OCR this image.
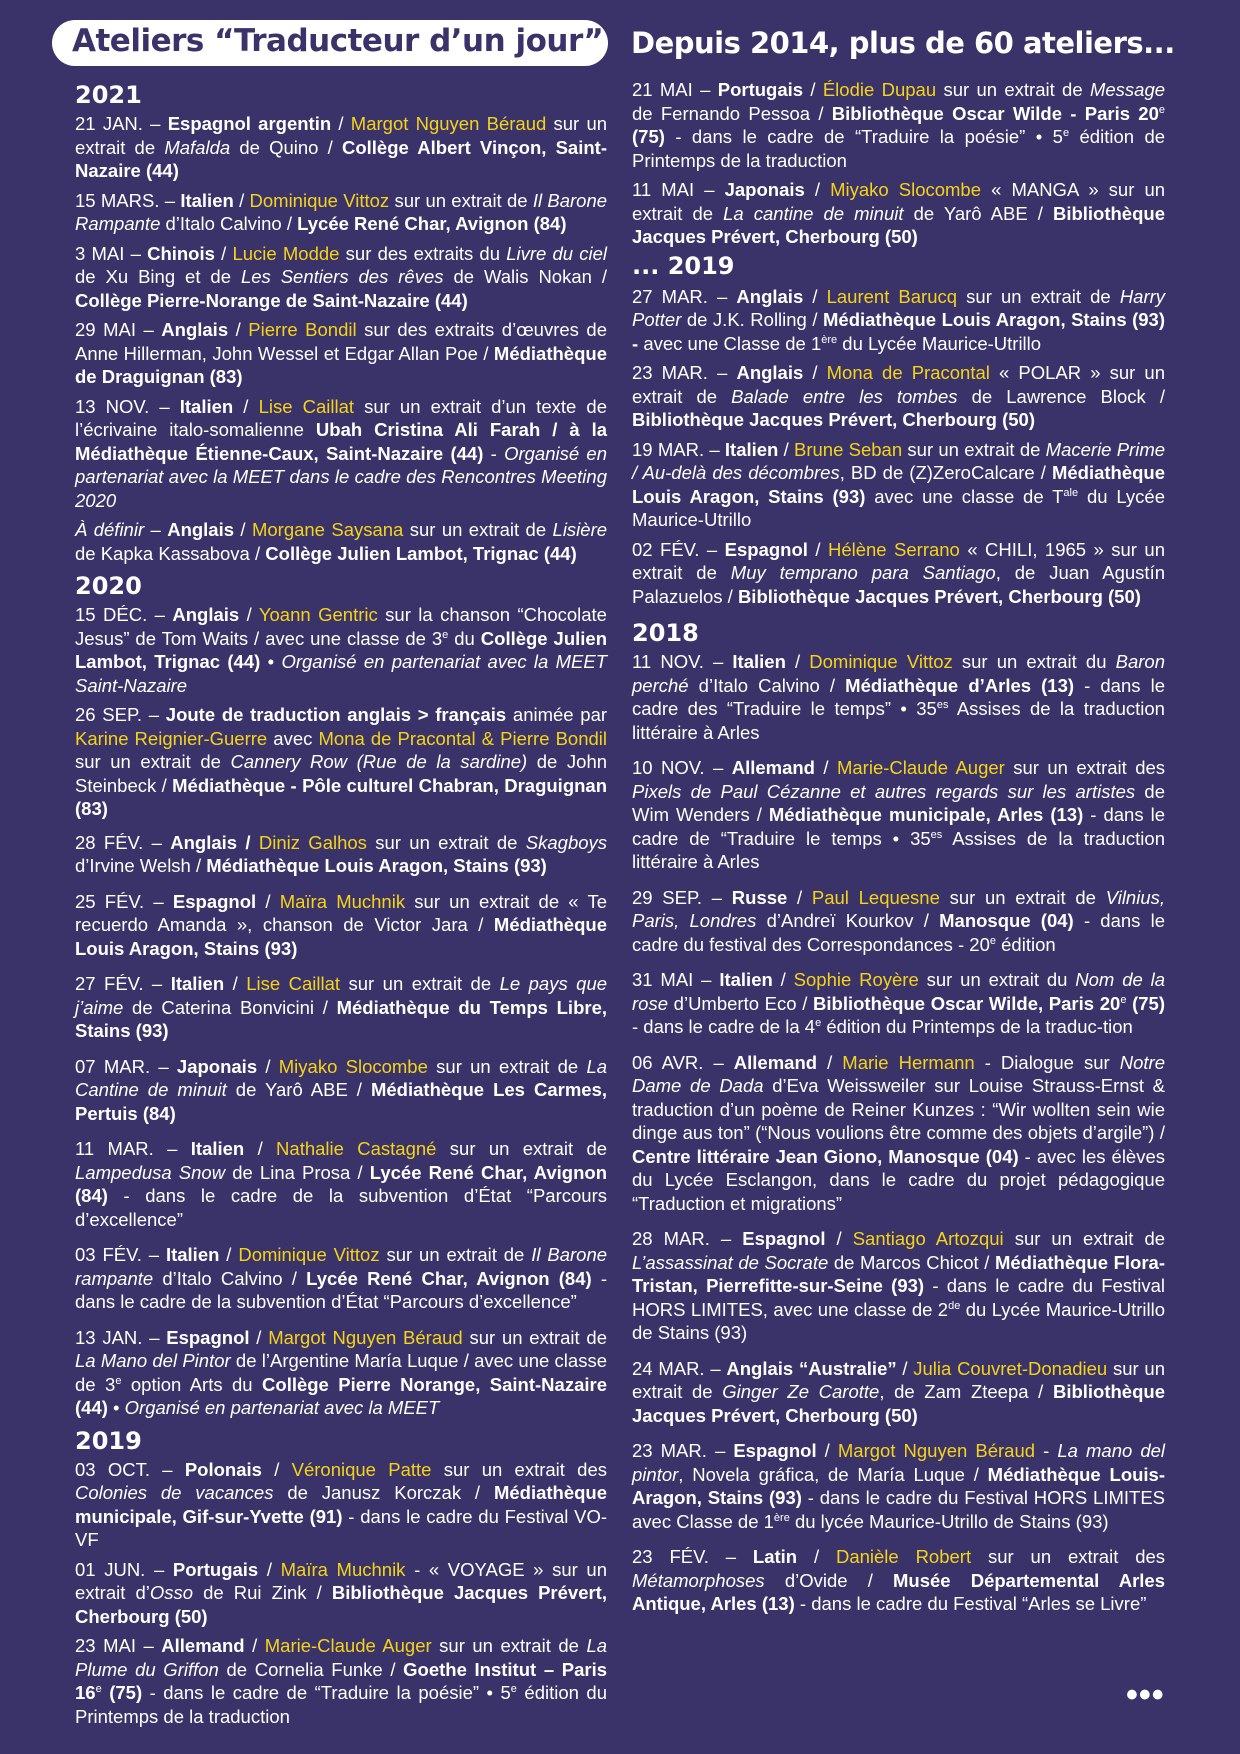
Ateliers “Traducteur d’un jour” Depuis 2014, plus de 60 ateliers...
2021
21 JAN. – Espagnol argentin / Margot Nguyen Béraud sur un extrait de Mafalda de Quino / Collège Albert Vinçon, Saint-Nazaire (44)
15 MARS. – Italien / Dominique Vittoz sur un extrait de Il Barone Rampante d’Italo Calvino / Lycée René Char, Avignon (84)
3 MAI – Chinois / Lucie Modde sur des extraits du Livre du ciel de Xu Bing et de Les Sentiers des rêves de Walis Nokan / Collège Pierre-Norange de Saint-Nazaire (44)
29 MAI – Anglais / Pierre Bondil sur des extraits d’œuvres de Anne Hillerman, John Wessel et Edgar Allan Poe / Médiathèque de Draguignan (83)
13 NOV. – Italien / Lise Caillat sur un extrait d’un texte de l’écrivaine italo-somalienne Ubah Cristina Ali Farah / à la Médiathèque Étienne-Caux, Saint-Nazaire (44) - Organisé en partenariat avec la MEET dans le cadre des Rencontres Meeting 2020
À définir – Anglais / Morgane Saysana sur un extrait de Lisière de Kapka Kassabova / Collège Julien Lambot, Trignac (44)
2020
15 DÉC. – Anglais / Yoann Gentric sur la chanson “Chocolate Jesus” de Tom Waits / avec une classe de 3e du Collège Julien Lambot, Trignac (44) • Organisé en partenariat avec la MEET Saint-Nazaire
26 SEP. – Joute de traduction anglais > français animée par Karine Reignier-Guerre avec Mona de Pracontal & Pierre Bondil sur un extrait de Cannery Row (Rue de la sardine) de John Steinbeck / Médiathèque - Pôle culturel Chabran, Draguignan (83)
28 FÉV. – Anglais / Diniz Galhos sur un extrait de Skagboys d’Irvine Welsh / Médiathèque Louis Aragon, Stains (93)
25 FÉV. – Espagnol / Maïra Muchnik sur un extrait de « Te recuerdo Amanda », chanson de Victor Jara / Médiathèque Louis Aragon, Stains (93)
27 FÉV. – Italien / Lise Caillat sur un extrait de Le pays que j’aime de Caterina Bonvicini / Médiathèque du Temps Libre, Stains (93)
07 MAR. – Japonais / Miyako Slocombe sur un extrait de La Cantine de minuit de Yarô ABE / Médiathèque Les Carmes, Pertuis (84)
11 MAR. – Italien / Nathalie Castagné sur un extrait de Lampedusa Snow de Lina Prosa / Lycée René Char, Avignon (84) - dans le cadre de la subvention d’État “Parcours d’excellence”
03 FÉV. – Italien / Dominique Vittoz sur un extrait de Il Barone rampante d’Italo Calvino / Lycée René Char, Avignon (84) - dans le cadre de la subvention d’État “Parcours d’excellence”
13 JAN. – Espagnol / Margot Nguyen Béraud sur un extrait de La Mano del Pintor de l’Argentine María Luque / avec une classe de 3e option Arts du Collège Pierre Norange, Saint-Nazaire (44) • Organisé en partenariat avec la MEET
2019
03 OCT. – Polonais / Véronique Patte sur un extrait des Colonies de vacances de Janusz Korczak / Médiathèque municipale, Gif-sur-Yvette (91) - dans le cadre du Festival VO-VF
01 JUN. – Portugais / Maïra Muchnik - « VOYAGE » sur un extrait d’Osso de Rui Zink / Bibliothèque Jacques Prévert, Cherbourg (50)
23 MAI – Allemand / Marie-Claude Auger sur un extrait de La Plume du Griffon de Cornelia Funke / Goethe Institut – Paris 16e (75) - dans le cadre de “Traduire la poésie” • 5e édition du Printemps de la traduction
21 MAI – Portugais / Élodie Dupau sur un extrait de Message de Fernando Pessoa / Bibliothèque Oscar Wilde - Paris 20e (75) - dans le cadre de “Traduire la poésie” • 5e édition de Printemps de la traduction
11 MAI – Japonais / Miyako Slocombe « MANGA » sur un extrait de La cantine de minuit de Yarô ABE / Bibliothèque Jacques Prévert, Cherbourg (50)
... 2019
27 MAR. – Anglais / Laurent Barucq sur un extrait de Harry Potter de J.K. Rolling / Médiathèque Louis Aragon, Stains (93) - avec une Classe de 1ère du Lycée Maurice-Utrillo
23 MAR. – Anglais / Mona de Pracontal « POLAR » sur un extrait de Balade entre les tombes de Lawrence Block / Bibliothèque Jacques Prévert, Cherbourg (50)
19 MAR. – Italien / Brune Seban sur un extrait de Macerie Prime / Au-delà des décombres, BD de (Z)ZeroCalcare / Médiathèque Louis Aragon, Stains (93) avec une classe de $T^{ale}$ du Lycée Maurice-Utrillo
02 FÉV. – Espagnol / Hélène Serrano « CHILI, 1965 » sur un extrait de Muy temprano para Santiago, de Juan Agustín Palazuelos / Bibliothèque Jacques Prévert, Cherbourg (50)
2018
11 NOV. – Italien / Dominique Vittoz sur un extrait du Baron perché d’Italo Calvino / Médiathèque d’Arles (13) - dans le cadre des “Traduire le temps” • $35^{es}$ Assises de la traduction littéraire à Arles
10 NOV. – Allemand / Marie-Claude Auger sur un extrait des Pixels de Paul Cézanne et autres regards sur les artistes de Wim Wenders / Médiathèque municipale, Arles (13) - dans le cadre de “Traduire le temps • $35^{es}$ Assises de la traduction littéraire à Arles
29 SEP. – Russe / Paul Lequesne sur un extrait de Vilnius, Paris, Londres d’Andreï Kourkov / Manosque (04) - dans le cadre du festival des Correspondances - 20e édition
31 MAI – Italien / Sophie Royère sur un extrait du Nom de la rose d’Umberto Eco / Bibliothèque Oscar Wilde, Paris 20e (75) - dans le cadre de la 4e édition du Printemps de la traduc-tion
06 AVR. – Allemand / Marie Hermann - Dialogue sur Notre Dame de Dada d’Eva Weissweiler sur Louise Strauss-Ernst & traduction d’un poème de Reiner Kunzes : “Wir wollten sein wie dinge aus ton” (“Nous voulions être comme des objets d’argile”) / Centre littéraire Jean Giono, Manosque (04) - avec les élèves du Lycée Esclangon, dans le cadre du projet pédagogique “Traduction et migrations”
28 MAR. – Espagnol / Santiago Artozqui sur un extrait de L’assassinat de Socrate de Marcos Chicot / Médiathèque Flora-Tristan, Pierrefitte-sur-Seine (93) - dans le cadre du Festival HORS LIMITES, avec une classe de 2de du Lycée Maurice-Utrillo de Stains (93)
24 MAR. – Anglais “Australie” / Julia Couvret-Donadieu sur un extrait de Ginger Ze Carotte, de Zam Zteepa / Bibliothèque Jacques Prévert, Cherbourg (50)
23 MAR. – Espagnol / Margot Nguyen Béraud - La mano del pintor, Novela gráfica, de María Luque / Médiathèque Louis-Aragon, Stains (93) - dans le cadre du Festival HORS LIMITES avec Classe de 1ère du lycée Maurice-Utrillo de Stains (93)
23 FÉV. – Latin / Danièle Robert sur un extrait des Métamorphoses d’Ovide / Musée Départemental Arles Antique, Arles (13) - dans le cadre du Festival “Arles se Livre”
•••
